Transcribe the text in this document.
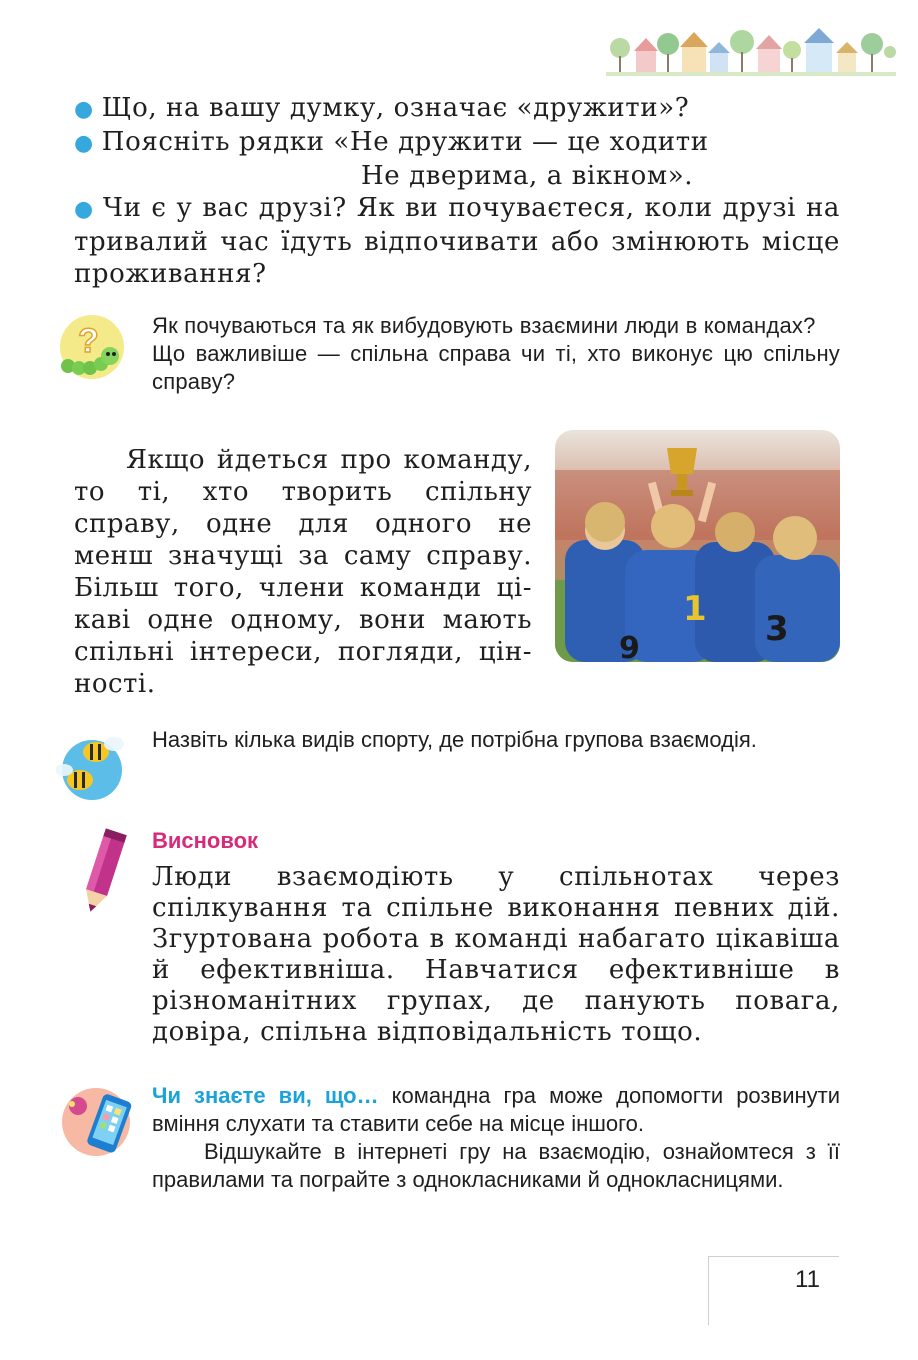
● Що, на вашу думку, означає «дружити»?

● Поясніть рядки «Не дружити — це ходити

Не дверима, а вікном».

● Чи є у вас друзі? Як ви почуваєтеся, коли друзі на тривалий час їдуть відпочивати або змінюють місце проживання?

? Як почуваються та як вибудовують взаємини люди в командах?

Що важливіше — спільна справа чи ті, хто виконує цю спільну справу?

Якщо йдеться про команду,
то ті, хто творить спільну
справу, одне для одного не
менш значущі за саму справу.
Більш того, члени команди ці-
каві одне одному, вони мають
спільні інтереси, погляди, цін-
ності.
1 3
9
Назвіть кілька видів спорту, де потрібна групова взаємодія.
Висновок
Люди взаємодіють у спільнотах через спілкування та спільне виконання певних дій. Згуртована робота в команді набагато цікавіша й ефективніша. Навчатися ефективніше в різноманітних групах, де панують повага, довіра, спільна відповідальність тощо.

Чи знаєте ви, що… командна гра може допомогти розвинути вміння слухати та ставити себе на місце іншого.

Відшукайте в інтернеті гру на взаємодію, ознайомтеся з її правилами та пограйте з однокласниками й однокласницями.

11
